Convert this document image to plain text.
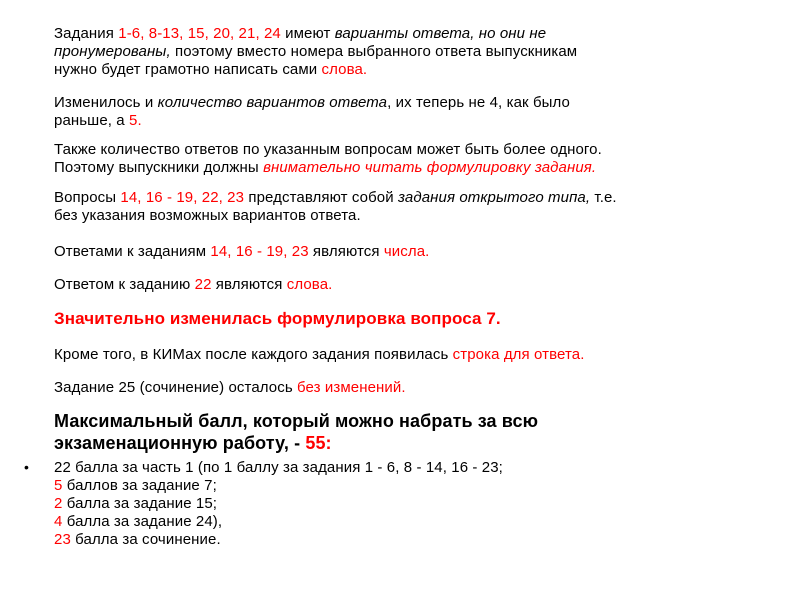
Задания 1-6, 8-13, 15, 20, 21, 24 имеют варианты ответа, но они не
пронумерованы, поэтому вместо номера выбранного ответа выпускникам
нужно будет грамотно написать сами слова.

Изменилось и количество вариантов ответа, их теперь не 4, как было
раньше, а 5.

Также количество ответов по указанным вопросам может быть более одного.
Поэтому выпускники должны внимательно читать формулировку задания.

Вопросы 14, 16 - 19, 22, 23 представляют собой задания открытого типа, т.е.
без указания возможных вариантов ответа.

Ответами к заданиям 14, 16 - 19, 23 являются числа.

Ответом к заданию 22 являются слова.

Значительно изменилась формулировка вопроса 7.

Кроме того, в КИМах после каждого задания появилась строка для ответа.

Задание 25 (сочинение) осталось без изменений.

Максимальный балл, который можно набрать за всю
экзаменационную работу, - 55:

• 22 балла за часть 1 (по 1 баллу за задания 1 - 6, 8 - 14, 16 - 23;
5 баллов за задание 7;
2 балла за задание 15;
4 балла за задание 24),
23 балла за сочинение.
